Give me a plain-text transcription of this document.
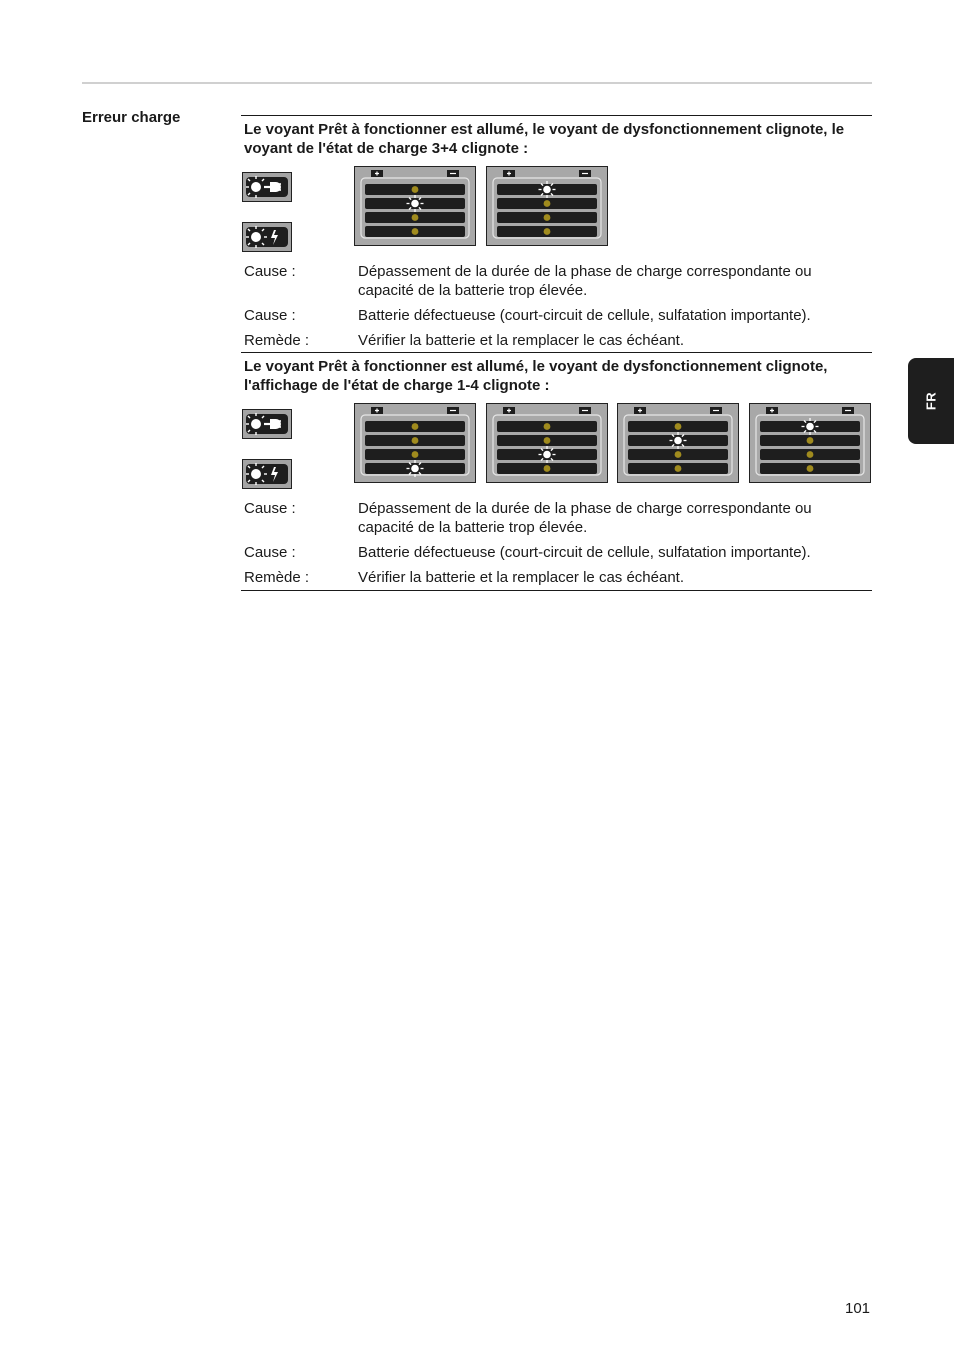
Erreur charge
FR
Le voyant Prêt à fonctionner est allumé, le voyant de dysfonctionnement clignote, le voyant de l'état de charge 3+4 clignote :
Cause :	Dépassement de la durée de la phase de charge correspondante ou capacité de la batterie trop élevée.
Cause :	Batterie défectueuse (court-circuit de cellule, sulfatation importante).
Remède :	Vérifier la batterie et la remplacer le cas échéant.
Le voyant Prêt à fonctionner est allumé, le voyant de dysfonctionnement clignote, l'affichage de l'état de charge 1-4 clignote :
Cause :	Dépassement de la durée de la phase de charge correspondante ou capacité de la batterie trop élevée.
Cause :	Batterie défectueuse (court-circuit de cellule, sulfatation importante).
Remède :	Vérifier la batterie et la remplacer le cas échéant.
101
